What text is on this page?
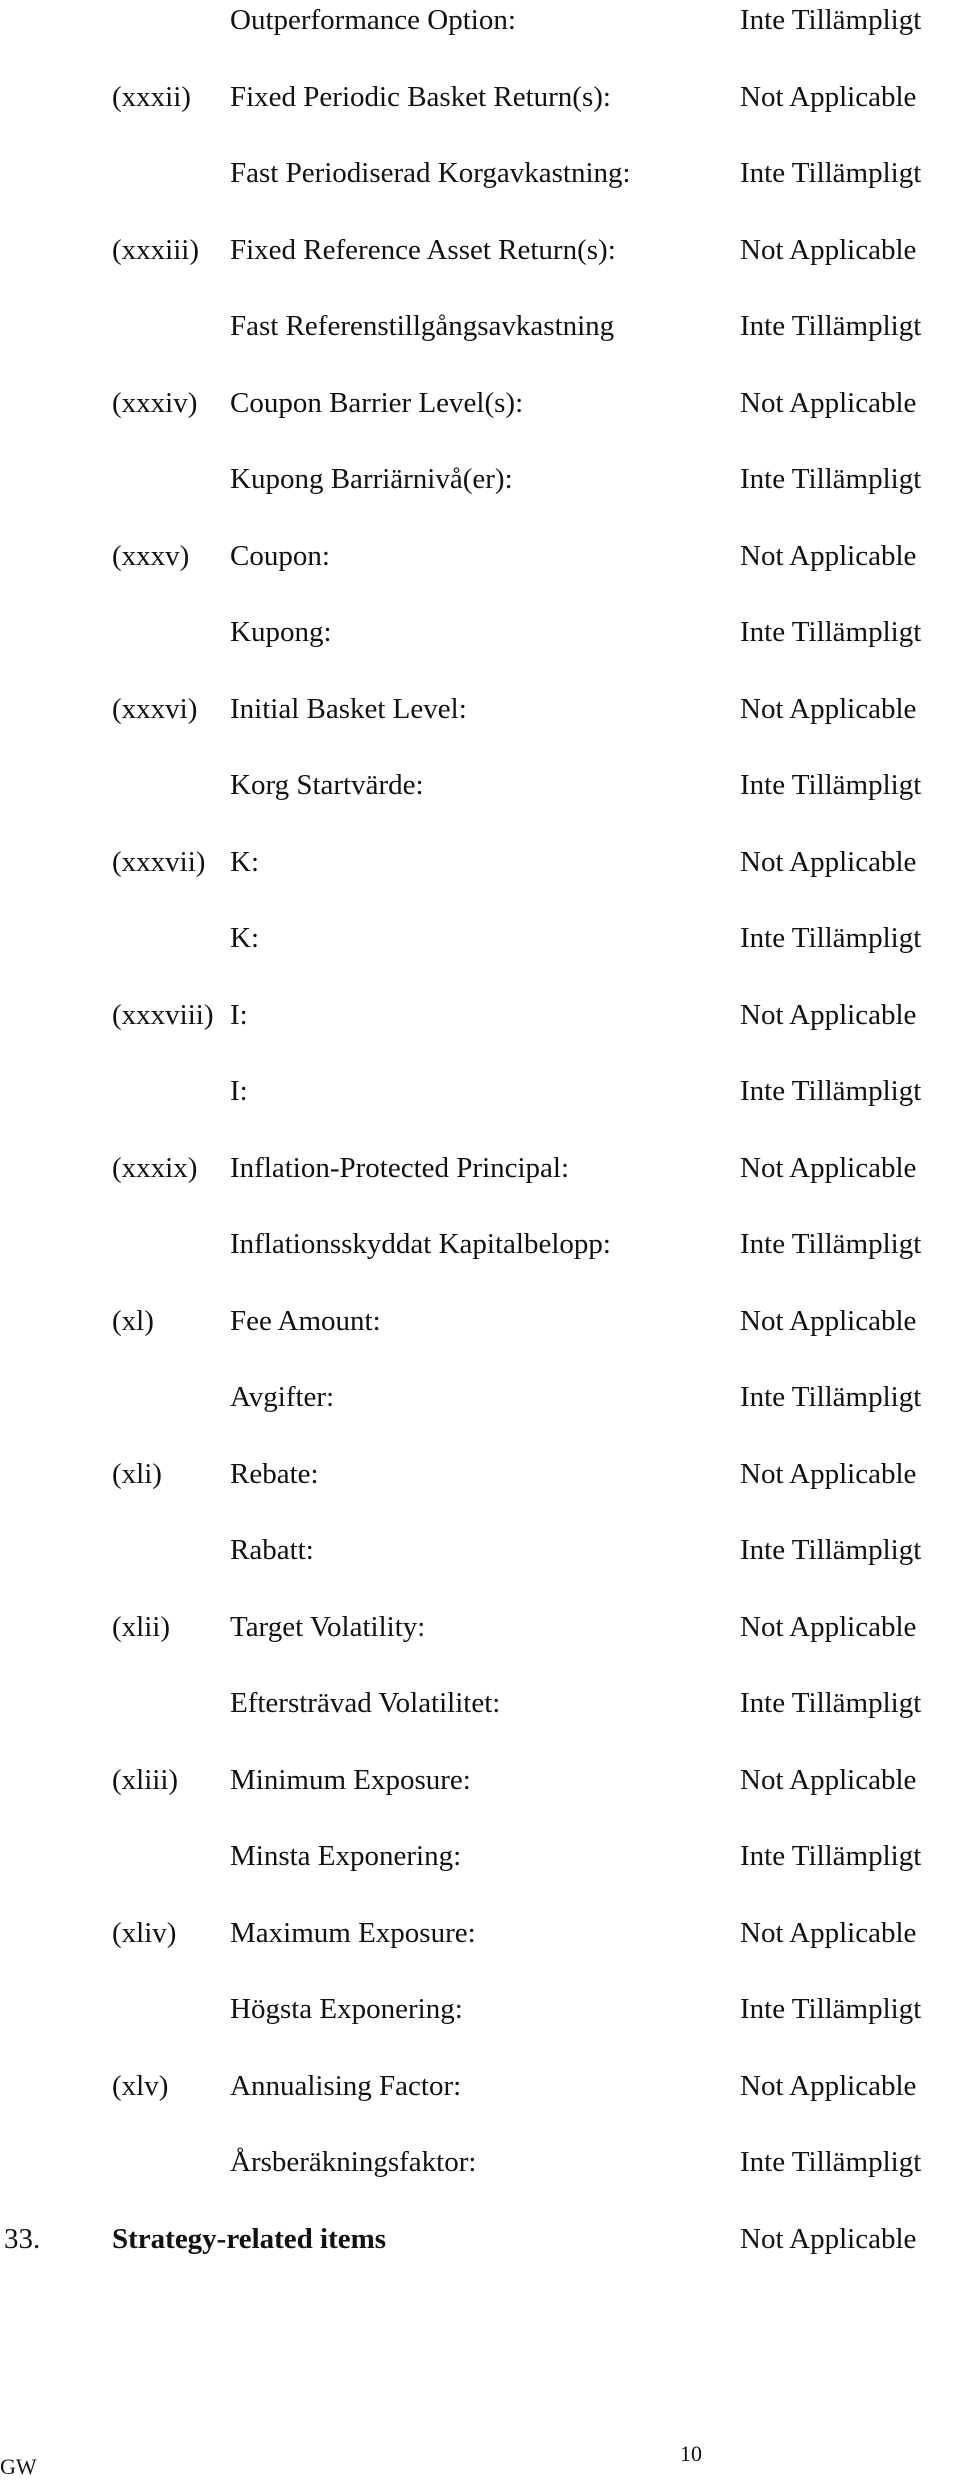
Outperformance Option:	Inte Tillämpligt
(xxxii) Fixed Periodic Basket Return(s):	Not Applicable
Fast Periodiserad Korgavkastning:	Inte Tillämpligt
(xxxiii) Fixed Reference Asset Return(s):	Not Applicable
Fast Referenstillgångsavkastning	Inte Tillämpligt
(xxxiv) Coupon Barrier Level(s):	Not Applicable
Kupong Barriärnivå(er):	Inte Tillämpligt
(xxxv) Coupon:	Not Applicable
Kupong:	Inte Tillämpligt
(xxxvi) Initial Basket Level:	Not Applicable
Korg Startvärde:	Inte Tillämpligt
(xxxvii) K:	Not Applicable
K:	Inte Tillämpligt
(xxxviii) I:	Not Applicable
I:	Inte Tillämpligt
(xxxix) Inflation-Protected Principal:	Not Applicable
Inflationsskyddat Kapitalbelopp:	Inte Tillämpligt
(xl)	Fee Amount:	Not Applicable
Avgifter:	Inte Tillämpligt
(xli) Rebate:	Not Applicable
Rabatt:	Inte Tillämpligt
(xlii) Target Volatility:	Not Applicable
Eftersträvad Volatilitet:	Inte Tillämpligt
(xliii) Minimum Exposure:	Not Applicable
Minsta Exponering:	Inte Tillämpligt
(xliv) Maximum Exposure:	Not Applicable
Högsta Exponering:	Inte Tillämpligt
(xlv) Annualising Factor:	Not Applicable
Årsberäkningsfaktor:	Inte Tillämpligt
33. Strategy-related items	Not Applicable
10
GW
